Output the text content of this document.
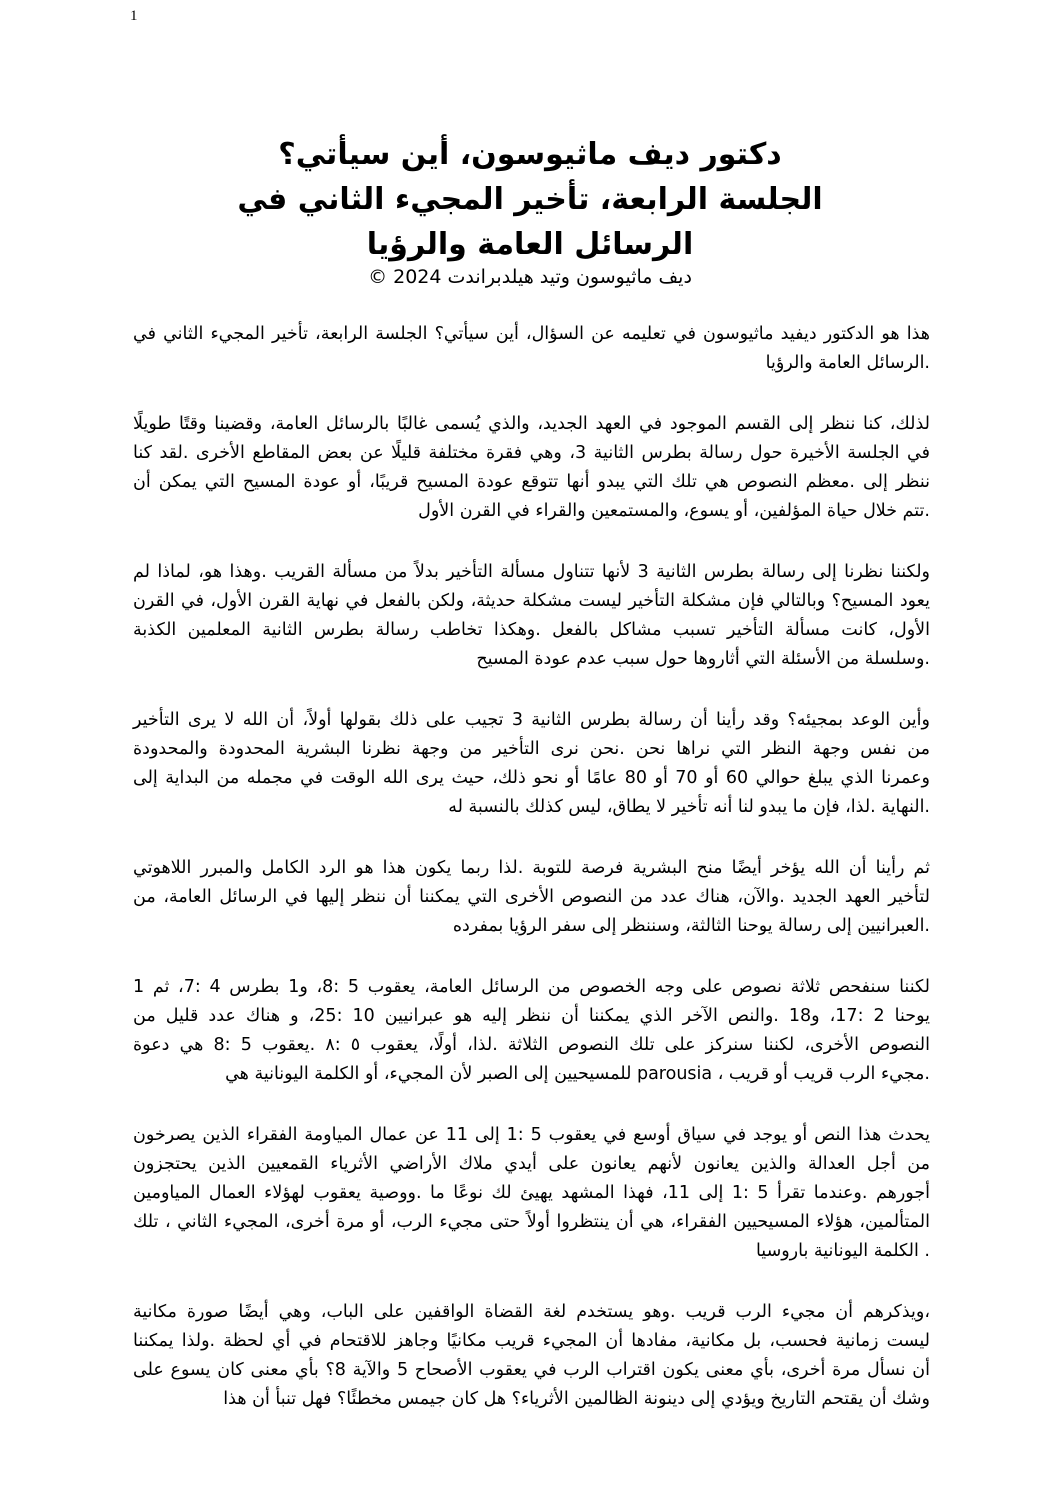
1
دكتور ديف ماثيوسون، أين سيأتي؟
الجلسة الرابعة، تأخير المجيء الثاني في
الرسائل العامة والرؤيا
ديف ماثيوسون وتيد هيلدبراندت 2024 ©
هذا هو الدكتور ديفيد ماثيوسون في تعليمه عن السؤال، أين سيأتي؟ الجلسة الرابعة، تأخير المجيء الثاني في
.الرسائل العامة والرؤيا
لذلك، كنا ننظر إلى القسم الموجود في العهد الجديد، والذي يُسمى غالبًا بالرسائل العامة، وقضينا وقتًا طويلًا
في الجلسة الأخيرة حول رسالة بطرس الثانية 3، وهي فقرة مختلفة قليلًا عن بعض المقاطع الأخرى .لقد كنا
ننظر إلى .معظم النصوص هي تلك التي يبدو أنها تتوقع عودة المسيح قريبًا، أو عودة المسيح التي يمكن أن
.تتم خلال حياة المؤلفين، أو يسوع، والمستمعين والقراء في القرن الأول
ولكننا نظرنا إلى رسالة بطرس الثانية 3 لأنها تتناول مسألة التأخير بدلاً من مسألة القريب .وهذا هو، لماذا لم
يعود المسيح؟ وبالتالي فإن مشكلة التأخير ليست مشكلة حديثة، ولكن بالفعل في نهاية القرن الأول، في القرن
الأول، كانت مسألة التأخير تسبب مشاكل بالفعل .وهكذا تخاطب رسالة بطرس الثانية المعلمين الكذبة
.وسلسلة من الأسئلة التي أثاروها حول سبب عدم عودة المسيح
وأين الوعد بمجيئه؟ وقد رأينا أن رسالة بطرس الثانية 3 تجيب على ذلك بقولها أولاً، أن الله لا يرى التأخير
من نفس وجهة النظر التي نراها نحن .نحن نرى التأخير من وجهة نظرنا البشرية المحدودة والمحدودة
وعمرنا الذي يبلغ حوالي 60 أو 70 أو 80 عامًا أو نحو ذلك، حيث يرى الله الوقت في مجمله من البداية إلى
.النهاية .لذا، فإن ما يبدو لنا أنه تأخير لا يطاق، ليس كذلك بالنسبة له
ثم رأينا أن الله يؤخر أيضًا منح البشرية فرصة للتوبة .لذا ربما يكون هذا هو الرد الكامل والمبرر اللاهوتي
لتأخير العهد الجديد .والآن، هناك عدد من النصوص الأخرى التي يمكننا أن ننظر إليها في الرسائل العامة، من
.العبرانيين إلى رسالة يوحنا الثالثة، وسننظر إلى سفر الرؤيا بمفرده
لكننا سنفحص ثلاثة نصوص على وجه الخصوص من الرسائل العامة، يعقوب 5 :8، و1 بطرس 4 :7، ثم 1
يوحنا 2 :17، و18 .والنص الآخر الذي يمكننا أن ننظر إليه هو عبرانيين 10 :25، و هناك عدد قليل من
النصوص الأخرى، لكننا سنركز على تلك النصوص الثلاثة .لذا، أولًا، يعقوب ٥ :٨ .يعقوب 5 :8 هي دعوة
.مجيء الرب قريب أو قريب ، parousia للمسيحيين إلى الصبر لأن المجيء، أو الكلمة اليونانية هي
يحدث هذا النص أو يوجد في سياق أوسع في يعقوب 5 :1 إلى 11 عن عمال المياومة الفقراء الذين يصرخون
من أجل العدالة والذين يعانون لأنهم يعانون على أيدي ملاك الأراضي الأثرياء القمعيين الذين يحتجزون
أجورهم .وعندما تقرأ 5 :1 إلى 11، فهذا المشهد يهيئ لك نوعًا ما .ووصية يعقوب لهؤلاء العمال المياومين
المتألمين، هؤلاء المسيحيين الفقراء، هي أن ينتظروا أولاً حتى مجيء الرب، أو مرة أخرى، المجيء الثاني ، تلك
. الكلمة اليونانية باروسيا
،ويذكرهم أن مجيء الرب قريب .وهو يستخدم لغة القضاة الواقفين على الباب، وهي أيضًا صورة مكانية
ليست زمانية فحسب، بل مكانية، مفادها أن المجيء قريب مكانيًا وجاهز للاقتحام في أي لحظة .ولذا يمكننا
أن نسأل مرة أخرى، بأي معنى يكون اقتراب الرب في يعقوب الأصحاح 5 والآية 8؟ بأي معنى كان يسوع على
وشك أن يقتحم التاريخ ويؤدي إلى دينونة الظالمين الأثرياء؟ هل كان جيمس مخطئًا؟ فهل تنبأ أن هذا
